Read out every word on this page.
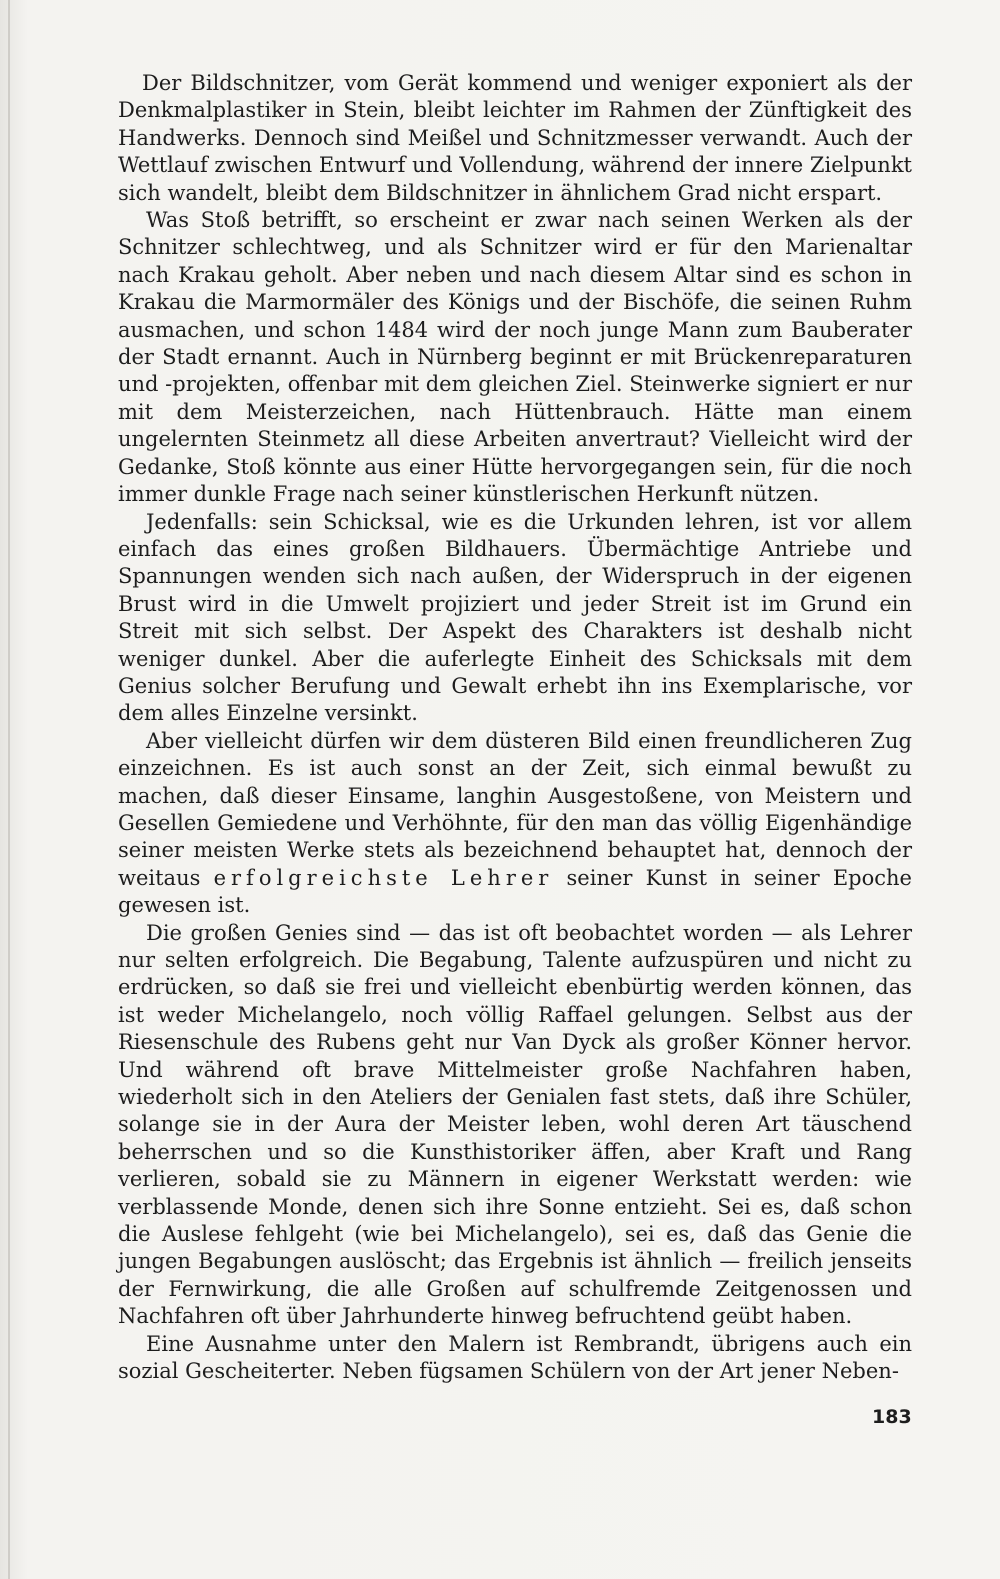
Der Bildschnitzer, vom Gerät kommend und weniger exponiert als der Denkmalplastiker in Stein, bleibt leichter im Rahmen der Zünftigkeit des Handwerks. Dennoch sind Meißel und Schnitzmesser verwandt. Auch der Wettlauf zwischen Entwurf und Vollendung, während der innere Zielpunkt sich wandelt, bleibt dem Bildschnitzer in ähnlichem Grad nicht erspart.

Was Stoß betrifft, so erscheint er zwar nach seinen Werken als der Schnitzer schlechtweg, und als Schnitzer wird er für den Marienaltar nach Krakau geholt. Aber neben und nach diesem Altar sind es schon in Krakau die Marmormäler des Königs und der Bischöfe, die seinen Ruhm ausmachen, und schon 1484 wird der noch junge Mann zum Bauberater der Stadt ernannt. Auch in Nürnberg beginnt er mit Brückenreparaturen und -projekten, offenbar mit dem gleichen Ziel. Steinwerke signiert er nur mit dem Meisterzeichen, nach Hüttenbrauch. Hätte man einem ungelernten Steinmetz all diese Arbeiten anvertraut? Vielleicht wird der Gedanke, Stoß könnte aus einer Hütte hervorgegangen sein, für die noch immer dunkle Frage nach seiner künstlerischen Herkunft nützen.

Jedenfalls: sein Schicksal, wie es die Urkunden lehren, ist vor allem einfach das eines großen Bildhauers. Übermächtige Antriebe und Spannungen wenden sich nach außen, der Widerspruch in der eigenen Brust wird in die Umwelt projiziert und jeder Streit ist im Grund ein Streit mit sich selbst. Der Aspekt des Charakters ist deshalb nicht weniger dunkel. Aber die auferlegte Einheit des Schicksals mit dem Genius solcher Berufung und Gewalt erhebt ihn ins Exemplarische, vor dem alles Einzelne versinkt.

Aber vielleicht dürfen wir dem düsteren Bild einen freundlicheren Zug einzeichnen. Es ist auch sonst an der Zeit, sich einmal bewußt zu machen, daß dieser Einsame, langhin Ausgestoßene, von Meistern und Gesellen Gemiedene und Verhöhnte, für den man das völlig Eigenhändige seiner meisten Werke stets als bezeichnend behauptet hat, dennoch der weitaus erfolgreichste Lehrer seiner Kunst in seiner Epoche gewesen ist.

Die großen Genies sind — das ist oft beobachtet worden — als Lehrer nur selten erfolgreich. Die Begabung, Talente aufzuspüren und nicht zu erdrücken, so daß sie frei und vielleicht ebenbürtig werden können, das ist weder Michelangelo, noch völlig Raffael gelungen. Selbst aus der Riesenschule des Rubens geht nur Van Dyck als großer Könner hervor. Und während oft brave Mittelmeister große Nachfahren haben, wiederholt sich in den Ateliers der Genialen fast stets, daß ihre Schüler, solange sie in der Aura der Meister leben, wohl deren Art täuschend beherrschen und so die Kunsthistoriker äffen, aber Kraft und Rang verlieren, sobald sie zu Männern in eigener Werkstatt werden: wie verblassende Monde, denen sich ihre Sonne entzieht. Sei es, daß schon die Auslese fehlgeht (wie bei Michelangelo), sei es, daß das Genie die jungen Begabungen auslöscht; das Ergebnis ist ähnlich — freilich jenseits der Fernwirkung, die alle Großen auf schulfremde Zeitgenossen und Nachfahren oft über Jahrhunderte hinweg befruchtend geübt haben.

Eine Ausnahme unter den Malern ist Rembrandt, übrigens auch ein sozial Gescheiterter. Neben fügsamen Schülern von der Art jener Neben-

183
